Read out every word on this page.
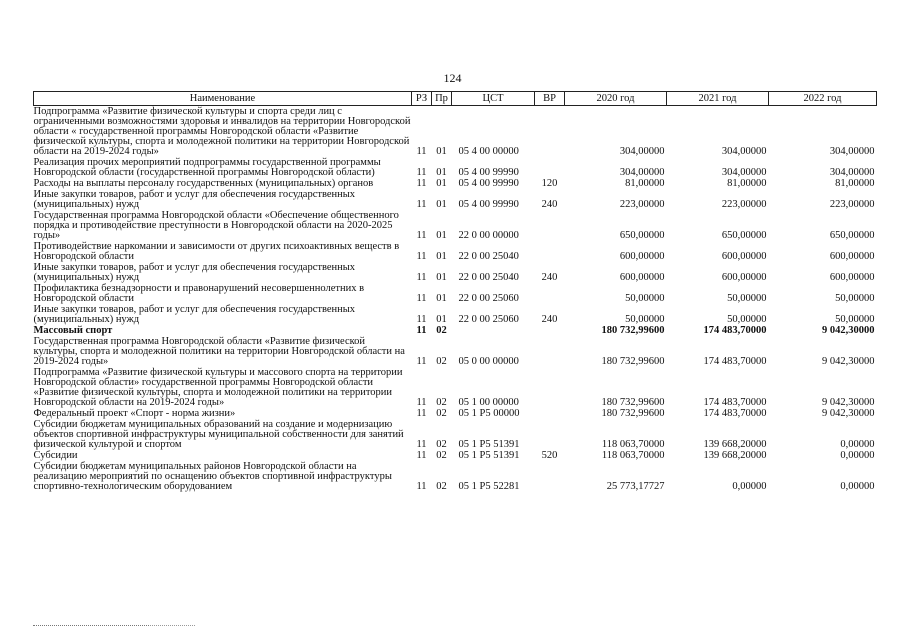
124
Наименование	РЗ	Пр	ЦСТ	ВР	2020 год	2021 год	2022 год
Подпрограмма «Развитие физической культуры и спорта среди лиц с ограниченными возможностями здоровья и инвалидов на территории Новгородской области « государственной программы Новгородской области «Развитие физической культуры, спорта и молодежной политики на территории Новгородской области на 2019-2024 годы»	11	01	05 4 00 00000		304,00000	304,00000	304,00000
Реализация прочих мероприятий подпрограммы государственной программы Новгородской области (государственной программы Новгородской области)	11	01	05 4 00 99990		304,00000	304,00000	304,00000
Расходы на выплаты персоналу государственных (муниципальных) органов	11	01	05 4 00 99990	120	81,00000	81,00000	81,00000
Иные закупки товаров, работ и услуг для обеспечения государственных (муниципальных) нужд	11	01	05 4 00 99990	240	223,00000	223,00000	223,00000
Государственная программа Новгородской области «Обеспечение общественного порядка и противодействие преступности в Новгородской области на 2020-2025 годы»	11	01	22 0 00 00000		650,00000	650,00000	650,00000
Противодействие наркомании и зависимости от других психоактивных веществ в Новгородской области	11	01	22 0 00 25040		600,00000	600,00000	600,00000
Иные закупки товаров, работ и услуг для обеспечения государственных (муниципальных) нужд	11	01	22 0 00 25040	240	600,00000	600,00000	600,00000
Профилактика безнадзорности и правонарушений несовершеннолетних в Новгородской области	11	01	22 0 00 25060		50,00000	50,00000	50,00000
Иные закупки товаров, работ и услуг для обеспечения государственных (муниципальных) нужд	11	01	22 0 00 25060	240	50,00000	50,00000	50,00000
Массовый спорт	11	02			180 732,99600	174 483,70000	9 042,30000
Государственная программа Новгородской области «Развитие физической культуры, спорта и молодежной политики на территории Новгородской области на 2019-2024 годы»	11	02	05 0 00 00000		180 732,99600	174 483,70000	9 042,30000
Подпрограмма «Развитие физической культуры и массового спорта на территории Новгородской области» государственной программы Новгородской области «Развитие физической культуры, спорта и молодежной политики на территории Новгородской области на 2019-2024 годы»	11	02	05 1 00 00000		180 732,99600	174 483,70000	9 042,30000
Федеральный проект «Спорт - норма жизни»	11	02	05 1 P5 00000		180 732,99600	174 483,70000	9 042,30000
Субсидии бюджетам муниципальных образований на создание и модернизацию объектов спортивной инфраструктуры муниципальной собственности для занятий физической культурой и спортом	11	02	05 1 P5 51391		118 063,70000	139 668,20000	0,00000
Субсидии	11	02	05 1 P5 51391	520	118 063,70000	139 668,20000	0,00000
Субсидии бюджетам муниципальных районов Новгородской области на реализацию мероприятий по оснащению объектов спортивной инфраструктуры спортивно-технологическим оборудованием	11	02	05 1 P5 52281		25 773,17727	0,00000	0,00000
